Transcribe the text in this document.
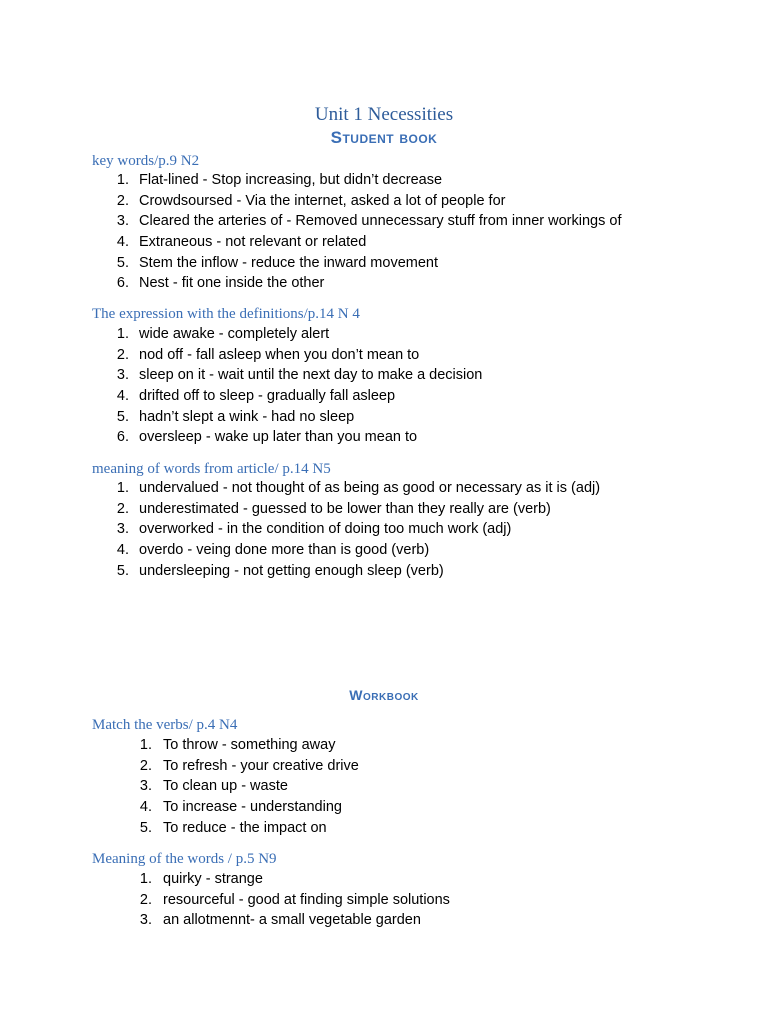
Unit 1 Necessities
Student book
key words/p.9 N2
1. Flat-lined - Stop increasing, but didn’t decrease
2. Crowdsoursed - Via the internet, asked a lot of people for
3. Cleared the arteries of - Removed unnecessary stuff from inner workings of
4. Extraneous - not relevant or related
5. Stem the inflow - reduce the inward movement
6. Nest - fit one inside the other
The expression with the definitions/p.14 N 4
1. wide awake - completely alert
2. nod off - fall asleep when you don’t mean to
3. sleep on it - wait until the next day to make a decision
4. drifted off to sleep - gradually fall asleep
5. hadn’t slept a wink - had no sleep
6. oversleep - wake up later than you mean to
meaning of words from article/ p.14 N5
1. undervalued - not thought of as being as good or necessary as it is (adj)
2. underestimated - guessed to be lower than they really are (verb)
3. overworked - in the condition of doing too much work (adj)
4. overdo - veing done more than is good (verb)
5. undersleeping - not getting enough sleep (verb)
Workbook
Match the verbs/ p.4 N4
1. To throw - something away
2. To refresh - your creative drive
3. To clean up - waste
4. To increase - understanding
5. To reduce - the impact on
Meaning of the words / p.5 N9
1. quirky - strange
2. resourceful - good at finding simple solutions
3. an allotmennt- a small vegetable garden
